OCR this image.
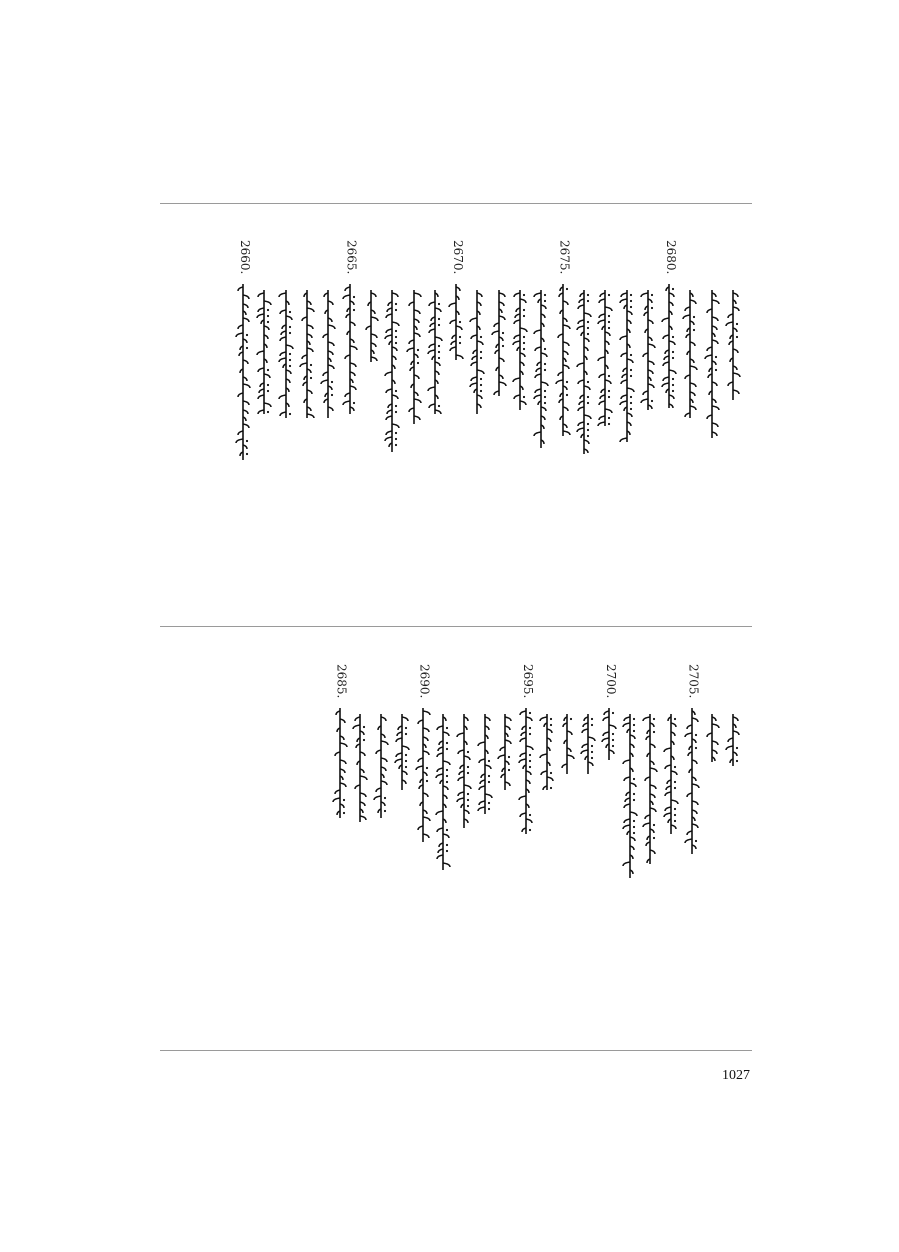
2680.
2675.
2670.
2665.
2660.
2705.
2700.
2695.
2690.
2685.
1027
